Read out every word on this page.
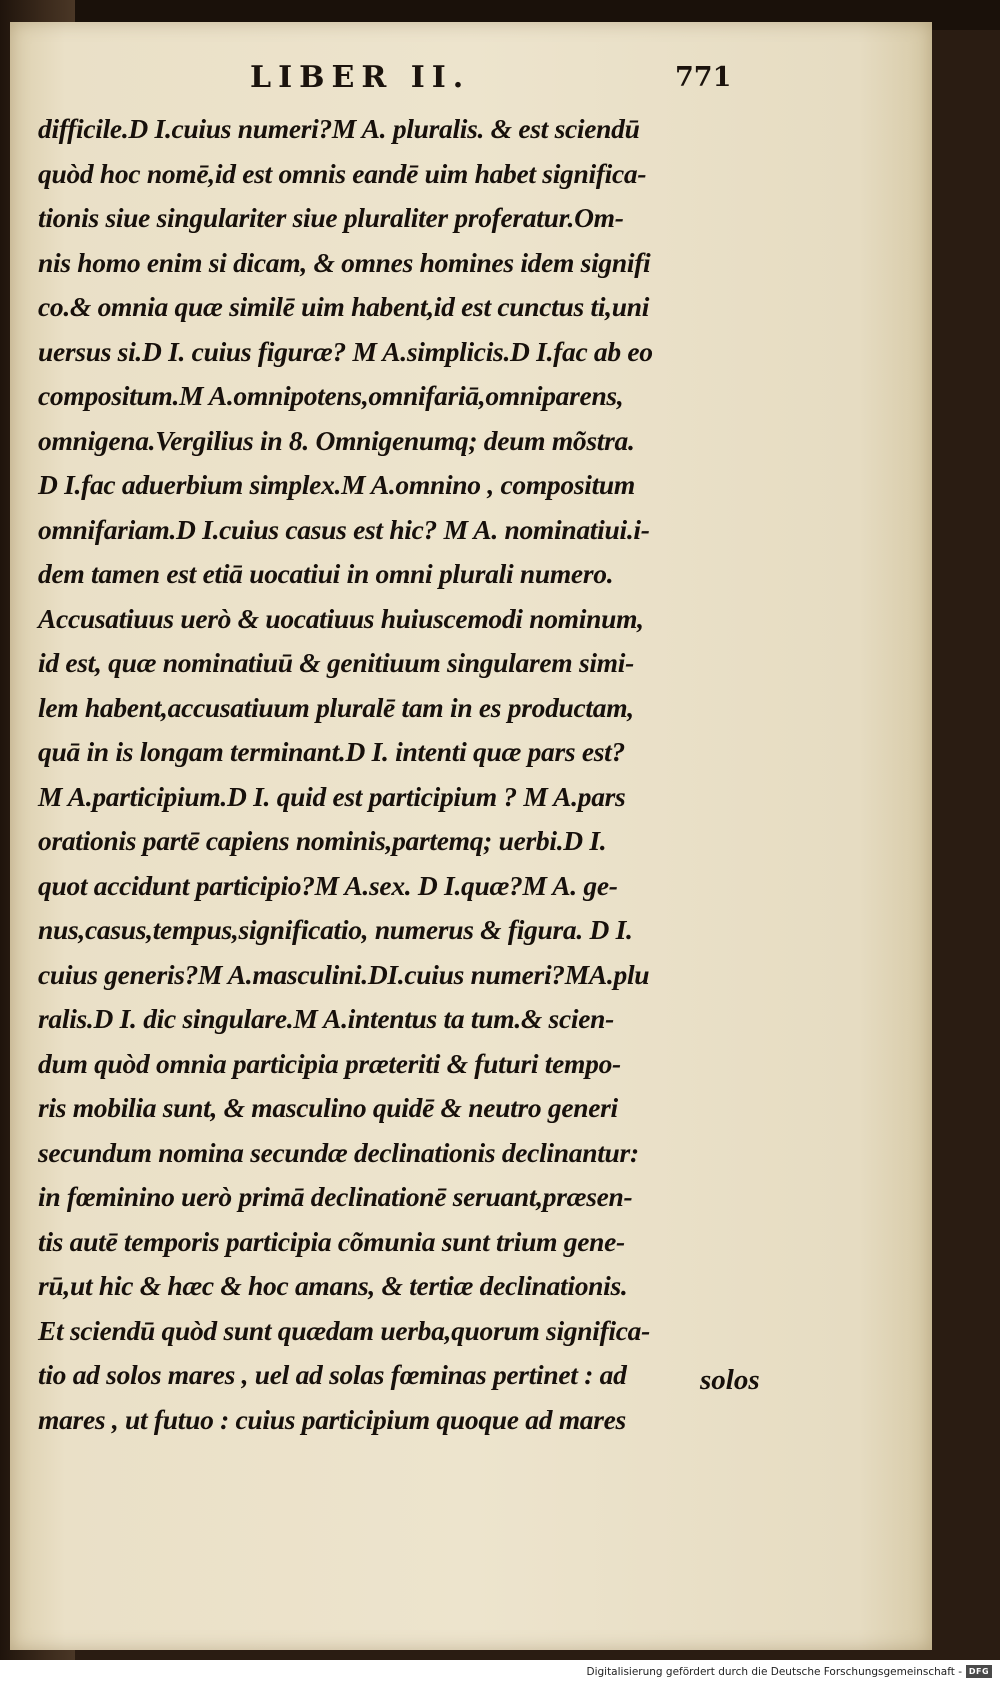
LIBER II.	771
difficile.D I.cuius numeri?M A. pluralis. & est sciendū
quòd hoc nomē,id est omnis eandē uim habet significa-
tionis siue singulariter siue pluraliter proferatur.Om-
nis homo enim si dicam, & omnes homines idem signifi
co.& omnia quæ similē uim habent,id est cunctus ti,uni
uersus si.D I. cuius figuræ? M A.simplicis.D I.fac ab eo
compositum.M A.omnipotens,omnifariā,omniparens,
omnigena.Vergilius in 8. Omnigenumq; deum mõstra.
D I.fac aduerbium simplex.M A.omnino , compositum
omnifariam.D I.cuius casus est hic? M A. nominatiui.i-
dem tamen est etiā uocatiui in omni plurali numero.
Accusatiuus uerò & uocatiuus huiuscemodi nominum,
id est, quæ nominatiuū & genitiuum singularem simi-
lem habent,accusatiuum pluralē tam in es productam,
quā in is longam terminant.D I. intenti quæ pars est?
M A.participium.D I. quid est participium ? M A.pars
orationis partē capiens nominis,partemq; uerbi.D I.
quot accidunt participio?M A.sex. D I.quæ?M A. ge-
nus,casus,tempus,significatio, numerus & figura. D I.
cuius generis?M A.masculini.DI.cuius numeri?MA.plu
ralis.D I. dic singulare.M A.intentus ta tum.& scien-
dum quòd omnia participia præteriti & futuri tempo-
ris mobilia sunt, & masculino quidē & neutro generi
secundum nomina secundæ declinationis declinantur:
in fœminino uerò primā declinationē seruant,præsen-
tis autē temporis participia cõmunia sunt trium gene-
rū,ut hic & hæc & hoc amans, & tertiæ declinationis.
Et sciendū quòd sunt quædam uerba,quorum significa-
tio ad solos mares , uel ad solas fœminas pertinet : ad
mares , ut futuo : cuius participium quoque ad mares
solos
Digitalisierung gefördert durch die Deutsche Forschungsgemeinschaft - DFG
